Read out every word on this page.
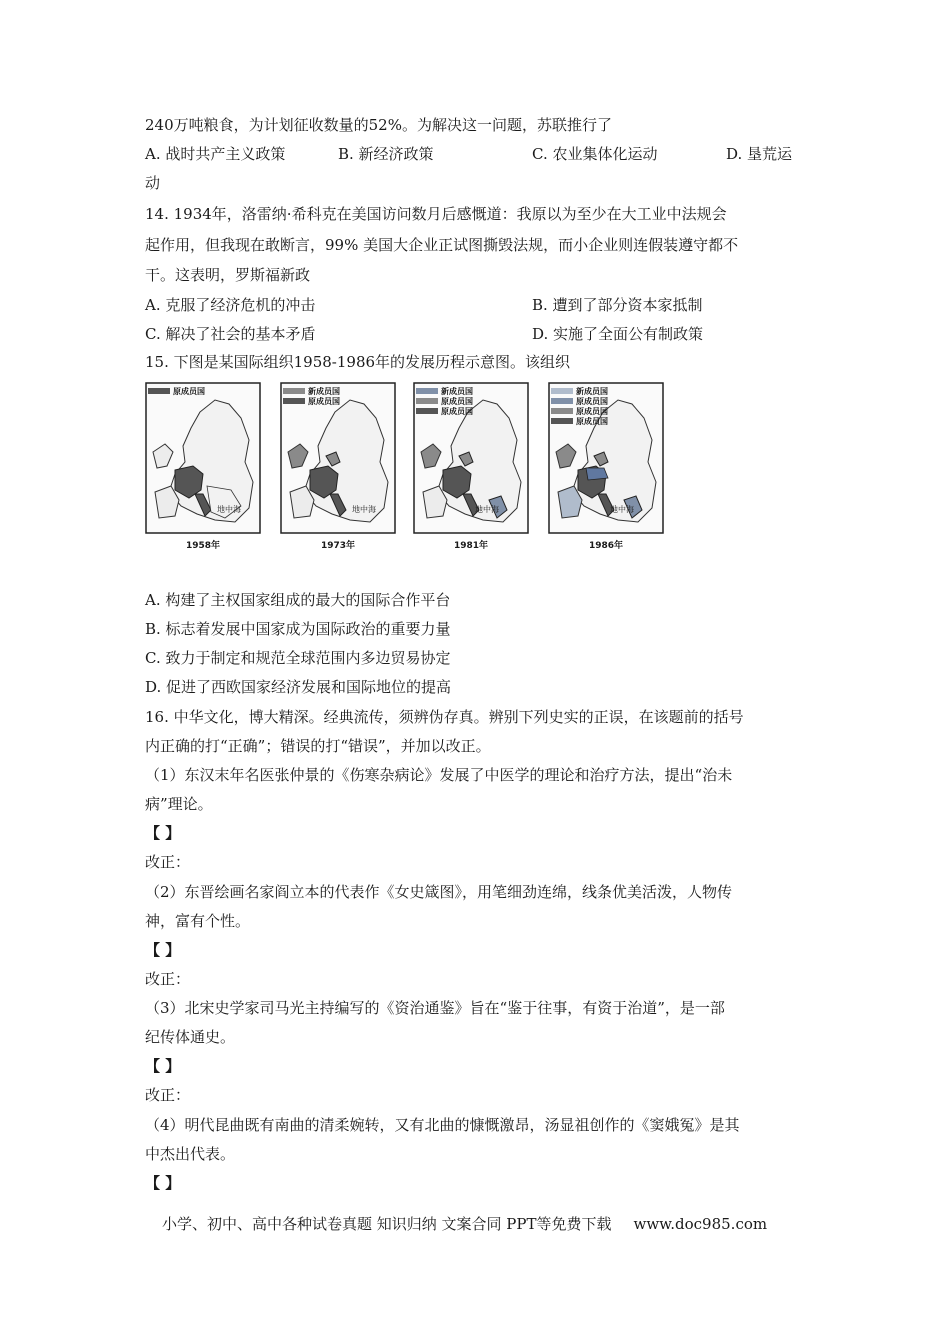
240万吨粮食，为计划征收数量的52%。为解决这一问题，苏联推行了
A. 战时共产主义政策	B. 新经济政策	C. 农业集体化运动	D. 垦荒运
动
14. 1934年，洛雷纳·希科克在美国访问数月后感慨道：我原以为至少在大工业中法规会
起作用，但我现在敢断言，99% 美国大企业正试图撕毁法规，而小企业则连假装遵守都不
干。这表明，罗斯福新政
A. 克服了经济危机的冲击	B. 遭到了部分资本家抵制
C. 解决了社会的基本矛盾	D. 实施了全面公有制政策
15. 下图是某国际组织1958-1986年的发展历程示意图。该组织
地中海
原成员国
1958年
地中海
新成员国
原成员国
1973年
地中海
新成员国
原成员国
原成员国
1981年
地中海
新成员国
原成员国
原成员国
原成员国
1986年
A. 构建了主权国家组成的最大的国际合作平台
B. 标志着发展中国家成为国际政治的重要力量
C. 致力于制定和规范全球范围内多边贸易协定
D. 促进了西欧国家经济发展和国际地位的提高
16. 中华文化，博大精深。经典流传，须辨伪存真。辨别下列史实的正误，在该题前的括号
内正确的打“正确”；错误的打“错误”，并加以改正。
（1）东汉末年名医张仲景的《伤寒杂病论》发展了中医学的理论和治疗方法，提出“治未
病”理论。
【 】
改正：
（2）东晋绘画名家阎立本的代表作《女史箴图》，用笔细劲连绵，线条优美活泼，人物传
神，富有个性。
【 】
改正：
（3）北宋史学家司马光主持编写的《资治通鉴》旨在“鉴于往事，有资于治道”，是一部
纪传体通史。
【 】
改正：
（4）明代昆曲既有南曲的清柔婉转，又有北曲的慷慨激昂，汤显祖创作的《窦娥冤》是其
中杰出代表。
【 】
小学、初中、高中各种试卷真题 知识归纳 文案合同 PPT等免费下载 www.doc985.com
